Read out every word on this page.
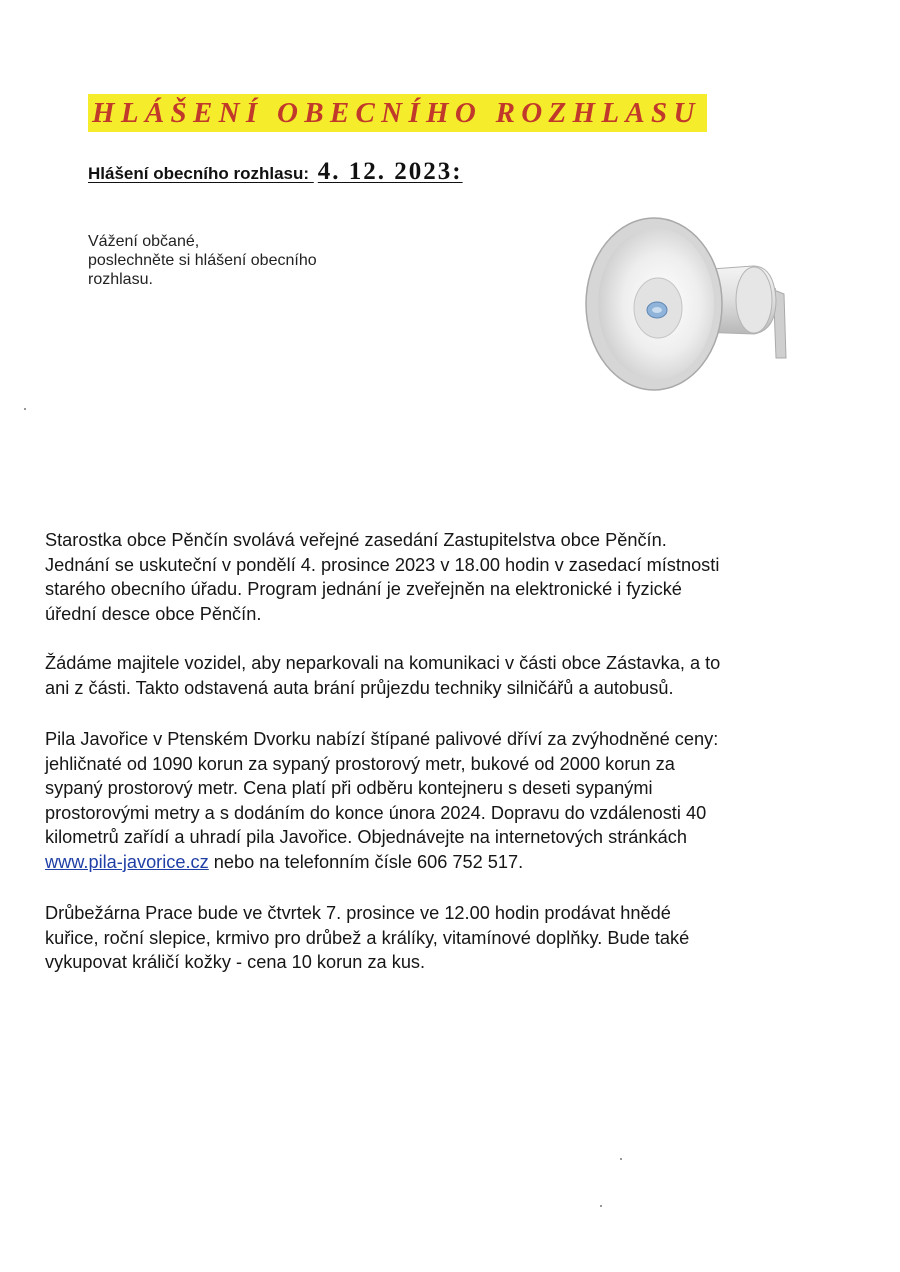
HLÁŠENÍ OBECNÍHO ROZHLASU
Hlášení obecního rozhlasu: 4. 12. 2023:
Vážení občané,
poslechněte si hlášení obecního
rozhlasu.
Starostka obce Pěnčín svolává veřejné zasedání Zastupitelstva obce Pěnčín.
Jednání se uskuteční v pondělí 4. prosince 2023 v 18.00 hodin v zasedací místnosti
starého obecního úřadu. Program jednání je zveřejněn na elektronické i fyzické
úřední desce obce Pěnčín.
Žádáme majitele vozidel, aby neparkovali na komunikaci v části obce Zástavka, a to
ani z části. Takto odstavená auta brání průjezdu techniky silničářů a autobusů.
Pila Javořice v Ptenském Dvorku nabízí štípané palivové dříví za zvýhodněné ceny:
jehličnaté od 1090 korun za sypaný prostorový metr, bukové od 2000 korun za
sypaný prostorový metr. Cena platí při odběru kontejneru s deseti sypanými
prostorovými metry a s dodáním do konce února 2024. Dopravu do vzdálenosti 40
kilometrů zařídí a uhradí pila Javořice. Objednávejte na internetových stránkách
www.pila-javorice.cz nebo na telefonním čísle 606 752 517.
Drůbežárna Prace bude ve čtvrtek 7. prosince ve 12.00 hodin prodávat hnědé
kuřice, roční slepice, krmivo pro drůbež a králíky, vitamínové doplňky. Bude také
vykupovat králičí kožky - cena 10 korun za kus.
